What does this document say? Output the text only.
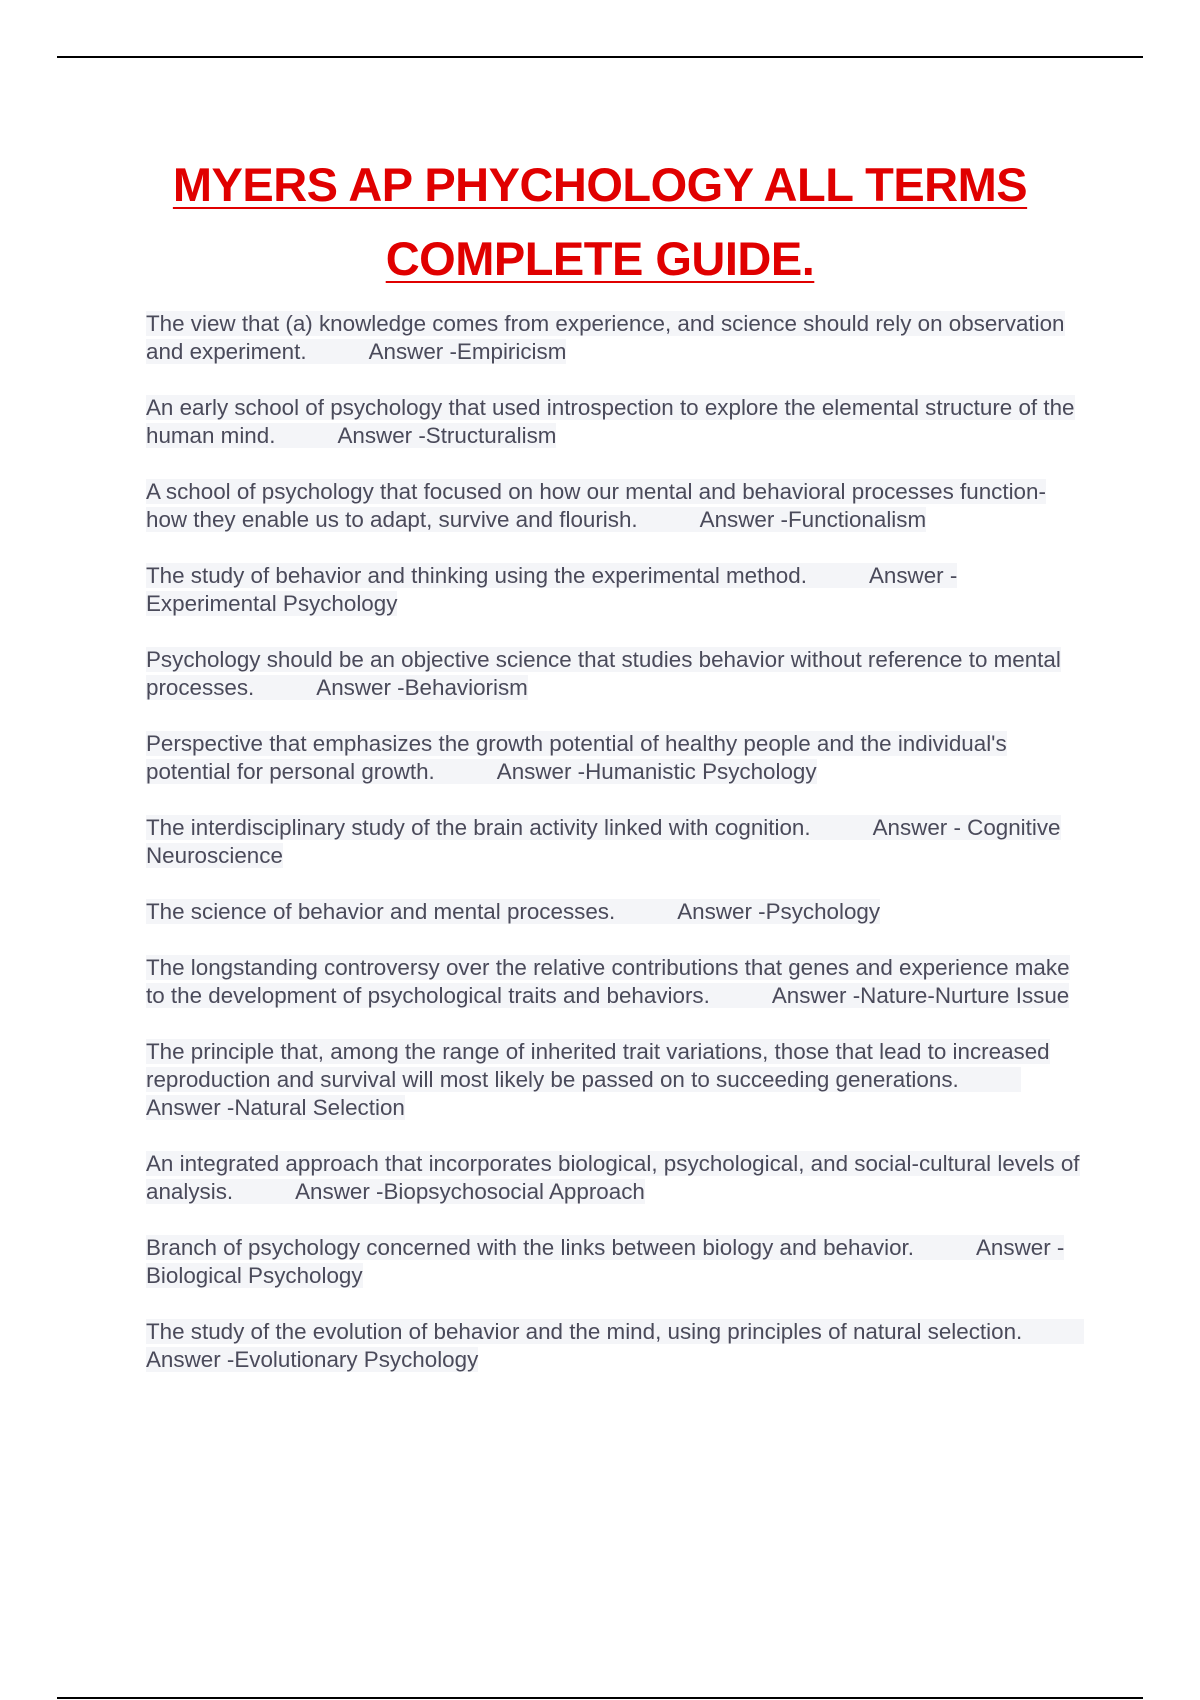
MYERS AP PHYCHOLOGY ALL TERMS
COMPLETE GUIDE.

The view that (a) knowledge comes from experience, and science should rely on observation and experiment.	Answer -Empiricism

An early school of psychology that used introspection to explore the elemental structure of the human mind.	Answer -Structuralism

A school of psychology that focused on how our mental and behavioral processes function-how they enable us to adapt, survive and flourish.	Answer -Functionalism

The study of behavior and thinking using the experimental method.	Answer - Experimental Psychology

Psychology should be an objective science that studies behavior without reference to mental processes.	Answer -Behaviorism

Perspective that emphasizes the growth potential of healthy people and the individual's potential for personal growth.	Answer -Humanistic Psychology

The interdisciplinary study of the brain activity linked with cognition.	Answer - Cognitive Neuroscience

The science of behavior and mental processes.	Answer -Psychology

The longstanding controversy over the relative contributions that genes and experience make to the development of psychological traits and behaviors.	Answer -Nature-Nurture Issue

The principle that, among the range of inherited trait variations, those that lead to increased reproduction and survival will most likely be passed on to succeeding generations.Answer -Natural Selection

An integrated approach that incorporates biological, psychological, and social-cultural levels of analysis.	Answer -Biopsychosocial Approach

Branch of psychology concerned with the links between biology and behavior.	Answer -Biological Psychology

The study of the evolution of behavior and the mind, using principles of natural selection.Answer -Evolutionary Psychology
